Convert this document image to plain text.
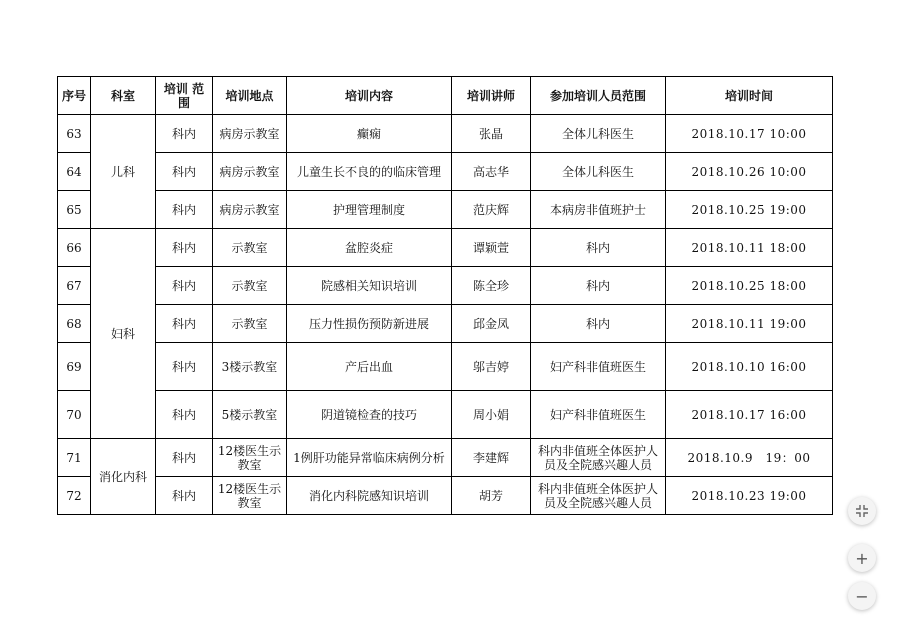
序号	科室	培训 范围	培训地点	培训内容	培训讲师	参加培训人员范围	培训时间
63	儿科	科内	病房示教室	癫痫	张晶	全体儿科医生	2018.10.17 10:00
64		科内	病房示教室	儿童生长不良的的临床管理	高志华	全体儿科医生	2018.10.26 10:00
65		科内	病房示教室	护理管理制度	范庆辉	本病房非值班护士	2018.10.25 19:00
66	妇科	科内	示教室	盆腔炎症	谭颖萱	科内	2018.10.11 18:00
67		科内	示教室	院感相关知识培训	陈全珍	科内	2018.10.25 18:00
68		科内	示教室	压力性损伤预防新进展	邱金凤	科内	2018.10.11 19:00
69		科内	3楼示教室	产后出血	邬吉婷	妇产科非值班医生	2018.10.10 16:00
70		科内	5楼示教室	阴道镜检查的技巧	周小娟	妇产科非值班医生	2018.10.17 16:00
71	消化内科	科内	12楼医生示教室	1例肝功能异常临床病例分析	李建辉	科内非值班全体医护人员及全院感兴趣人员	2018.10.9　19：00
72		科内	12楼医生示教室	消化内科院感知识培训	胡芳	科内非值班全体医护人员及全院感兴趣人员	2018.10.23 19:00
+
−
